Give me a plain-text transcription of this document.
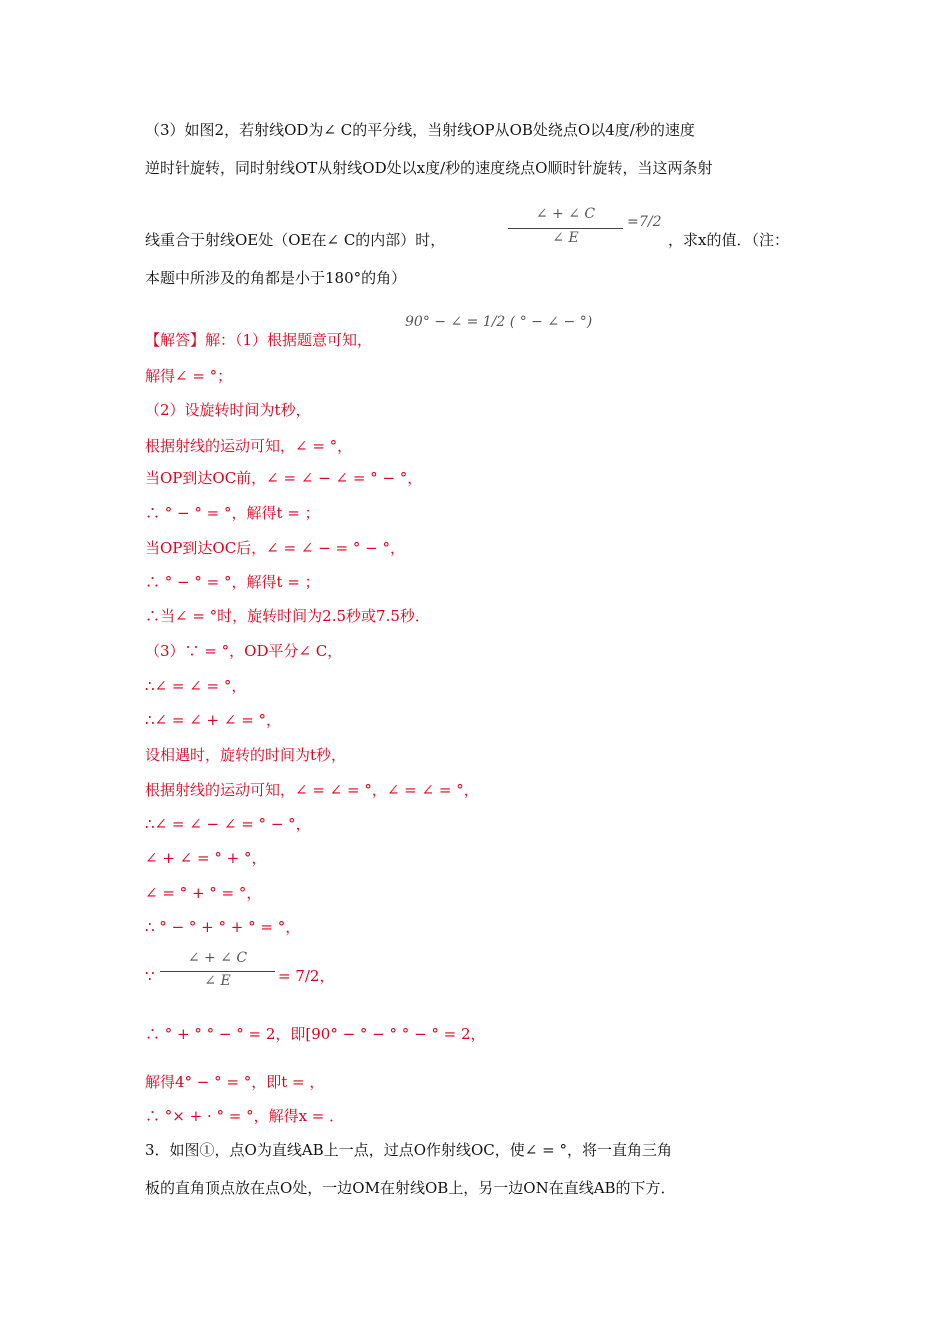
（3）如图2，若射线OD为∠ C的平分线，当射线OP从OB处绕点O以4度/秒的速度
逆时针旋转，同时射线OT从射线OD处以x度/秒的速度绕点O顺时针旋转，当这两条射
线重合于射线OE处（OE在∠ C的内部）时，
∠ + ∠ C
∠ E
= 7/2
，求x的值．（注：
本题中所涉及的角都是小于180°的角）
【解答】解：（1）根据题意可知，
90° − ∠ = 1/2 ( ° − ∠ − °)
解得∠ = °；
（2）设旋转时间为t秒，
根据射线的运动可知，∠ = °，
当OP到达OC前，∠ = ∠ − ∠ = ° − °，
∴ ° − ° = °，解得t = ；
当OP到达OC后，∠ = ∠ − = ° − °，
∴ ° − ° = °，解得t = ；
∴当∠ = °时，旋转时间为2.5秒或7.5秒．
（3）∵ = °，OD平分∠ C，
∴∠ = ∠ = °，
∴∠ = ∠ + ∠ = °，
设相遇时，旋转的时间为t秒，
根据射线的运动可知，∠ = ∠ = °，∠ = ∠ = °，
∴∠ = ∠ − ∠ = ° − °，
∠ + ∠ = ° + °，
∠ = ° + ° = °，
∴ ° − ° + ° + ° = °，
∵
∠ + ∠ C
∠ E	= 7/2，
∴ ° + ° ° − ° = 2，即[90° − ° − ° ° − ° = 2，
解得4° − ° = °，即t = ，
∴ °× + · ° = °，解得x = ．
3．如图①，点O为直线AB上一点，过点O作射线OC，使∠ = °，将一直角三角
板的直角顶点放在点O处，一边OM在射线OB上，另一边ON在直线AB的下方．
